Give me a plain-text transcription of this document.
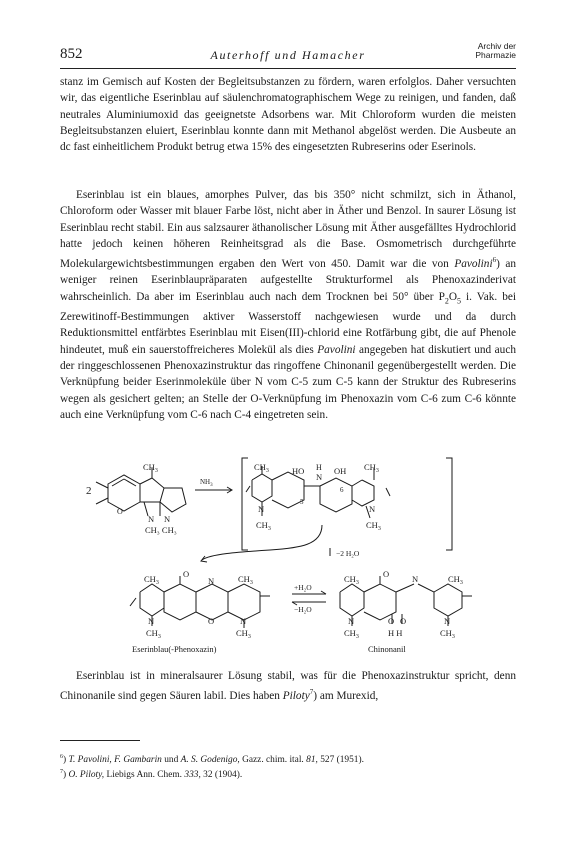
852	Auterhoff und Hamacher
Archiv der
Pharmazie

stanz im Gemisch auf Kosten der Begleitsubstanzen zu fördern, waren erfolglos. Daher versuchten wir, das eigentliche Eserinblau auf säulenchromatographischem Wege zu reinigen, und fanden, daß neutrales Aluminiumoxid das geeignetste Adsorbens war. Mit Chloroform wurden die meisten Begleitsubstanzen eluiert, Eserinblau konnte dann mit Methanol abgelöst werden. Die Ausbeute an dc fast einheitlichem Produkt betrug etwa 15% des eingesetzten Rubreserins oder Eserinols.

Eserinblau ist ein blaues, amorphes Pulver, das bis 350° nicht schmilzt, sich in Äthanol, Chloroform oder Wasser mit blauer Farbe löst, nicht aber in Äther und Benzol. In saurer Lösung ist Eserinblau recht stabil. Ein aus salzsaurer äthanolischer Lösung mit Äther ausgefälltes Hydrochlorid hatte jedoch keinen höheren Reinheitsgrad als die Base. Osmometrisch durchgeführte Molekulargewichtsbestimmungen ergaben den Wert von 450. Damit war die von Pavolini$^6$) an weniger reinen Eserinblaupräparaten aufgestellte Strukturformel als Phenoxazinderivat wahrscheinlich. Da aber im Eserinblau auch nach dem Trocknen bei 50° über $P_2O_5$ i. Vak. bei Zerewitinoff-Bestimmungen aktiver Wasserstoff nachgewiesen wurde und da durch Reduktionsmittel entfärbtes Eserinblau mit Eisen(III)-chlorid eine Rotfärbung gibt, die auf Phenole hindeutet, muß ein sauerstoffreicheres Molekül als dies Pavolini angegeben hat diskutiert und auch der ringgeschlossenen Phenoxazinstruktur das ringoffene Chinonanil gegenübergestellt werden. Die Verknüpfung beider Eserinmoleküle über N vom C-5 zum C-5 kann der Struktur des Rubreserins wegen als gesichert gelten; an Stelle der O-Verknüpfung im Phenoxazin vom C-6 zum C-6 könnte auch eine Verknüpfung vom C-6 nach C-4 eingetreten sein.

2
$CH_3$
O
N N
CH₃ CH₃
$NH_3$
$CH_3$	HO H
N
OH $CH_3$
N	N
5
6
$CH_3$	$CH_3$
−2 H₂O
$CH_3$
O
N	$CH_3$
N	O	N
$CH_3$	$CH_3$
+H₂O
−H₂O
$CH_3$
O	N	$CH_3$
N	O O	N
$CH_3$	H H	$CH_3$
Eserinblau(-Phenoxazin)	Chinonanil

Eserinblau ist in mineralsaurer Lösung stabil, was für die Phenoxazinstruktur spricht, denn Chinonanile sind gegen Säuren labil. Dies haben Piloty$^7$) am Murexid,

$^6$) T. Pavolini, F. Gambarin und A. S. Godenigo, Gazz. chim. ital. 81, 527 (1951).
$^7$) O. Piloty, Liebigs Ann. Chem. 333, 32 (1904).
